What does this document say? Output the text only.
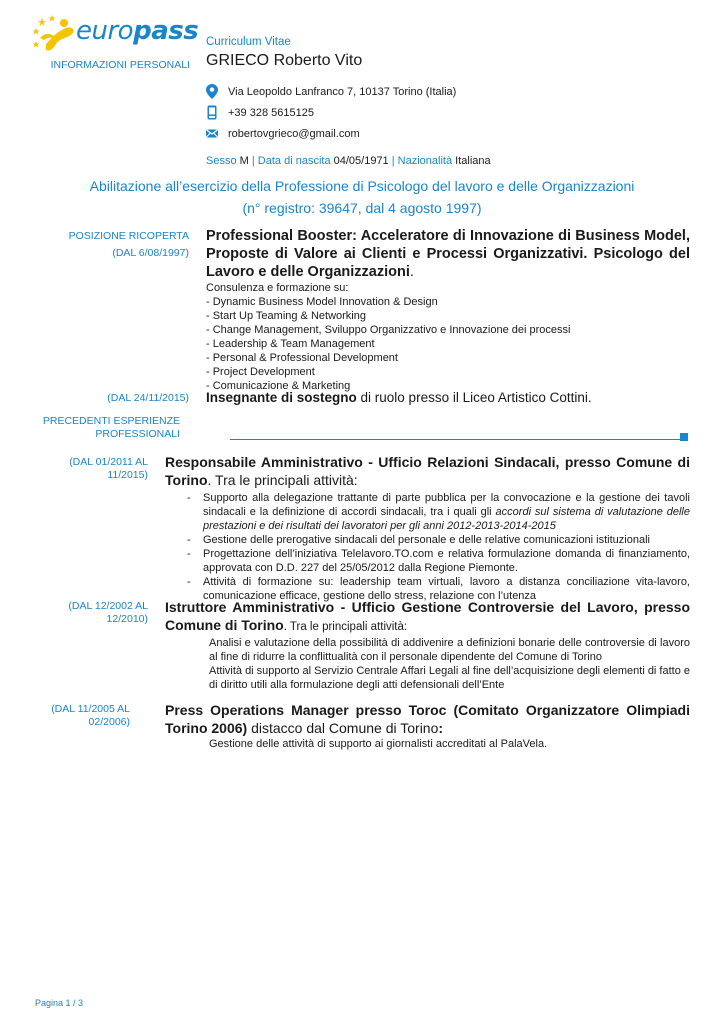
europass
INFORMAZIONI PERSONALI
Curriculum Vitae
GRIECO Roberto Vito
Via Leopoldo Lanfranco 7, 10137 Torino (Italia)
+39 328 5615125
robertovgrieco@gmail.com
Sesso M | Data di nascita 04/05/1971 | Nazionalità Italiana
Abilitazione all’esercizio della Professione di Psicologo del lavoro e delle Organizzazioni
(n° registro: 39647, dal 4 agosto 1997)
POSIZIONE RICOPERTA
(DAL 6/08/1997)
Professional Booster: Acceleratore di Innovazione di Business Model, Proposte di Valore ai Clienti e Processi Organizzativi. Psicologo del Lavoro e delle Organizzazioni.
Consulenza e formazione su:
- Dynamic Business Model Innovation & Design
- Start Up Teaming & Networking
- Change Management, Sviluppo Organizzativo e Innovazione dei processi
- Leadership & Team Management
- Personal & Professional Development
- Project Development
- Comunicazione & Marketing
(DAL 24/11/2015) Insegnante di sostegno di ruolo presso il Liceo Artistico Cottini.
PRECEDENTI ESPERIENZE
PROFESSIONALI
(DAL 01/2011 AL
11/2015)
Responsabile Amministrativo - Ufficio Relazioni Sindacali, presso Comune di Torino. Tra le principali attività:
- Supporto alla delegazione trattante di parte pubblica per la convocazione e la gestione dei tavoli sindacali e la definizione di accordi sindacali, tra i quali gli accordi sul sistema di valutazione delle prestazioni e dei risultati dei lavoratori per gli anni 2012-2013-2014-2015
- Gestione delle prerogative sindacali del personale e delle relative comunicazioni istituzionali
- Progettazione dell’iniziativa Telelavoro.TO.com e relativa formulazione domanda di finanziamento, approvata con D.D. 227 del 25/05/2012 dalla Regione Piemonte.
- Attività di formazione su: leadership team virtuali, lavoro a distanza conciliazione vita-lavoro, comunicazione efficace, gestione dello stress, relazione con l’utenza
(DAL 12/2002 AL
12/2010)
Istruttore Amministrativo - Ufficio Gestione Controversie del Lavoro, presso Comune di Torino. Tra le principali attività:
Analisi e valutazione della possibilità di addivenire a definizioni bonarie delle controversie di lavoro al fine di ridurre la conflittualità con il personale dipendente del Comune di Torino
Attività di supporto al Servizio Centrale Affari Legali al fine dell’acquisizione degli elementi di fatto e di diritto utili alla formulazione degli atti defensionali dell’Ente
(DAL 11/2005 AL
02/2006)
Press Operations Manager presso Toroc (Comitato Organizzatore Olimpiadi Torino 2006) distacco dal Comune di Torino:
Gestione delle attività di supporto ai giornalisti accreditati al PalaVela.
Pagina 1 / 3
